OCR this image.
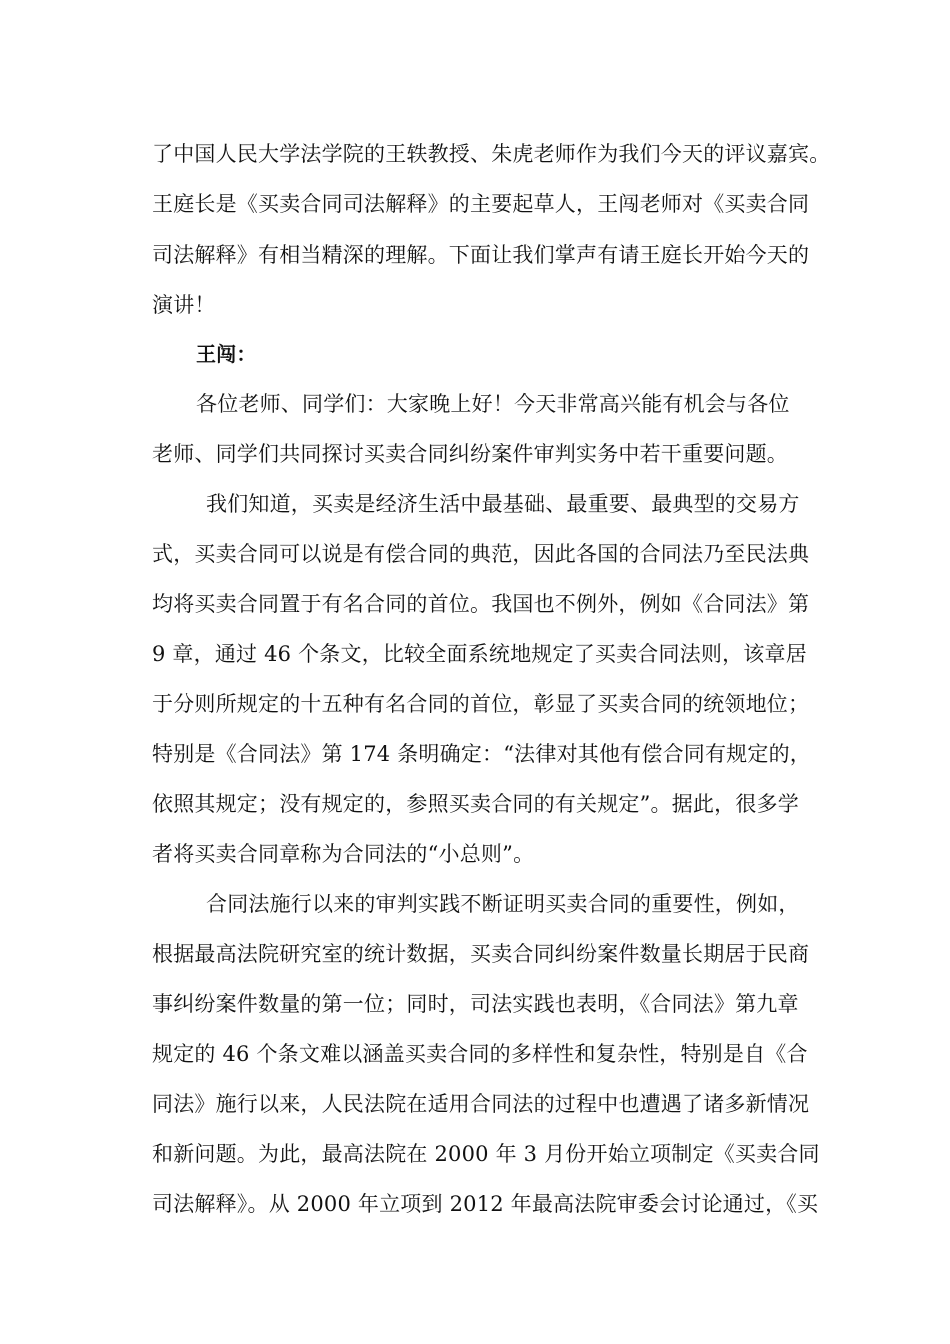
了中国人民大学法学院的王轶教授、朱虎老师作为我们今天的评议嘉宾。
王庭长是《买卖合同司法解释》的主要起草人，王闯老师对《买卖合同
司法解释》有相当精深的理解。下面让我们掌声有请王庭长开始今天的
演讲！
王闯：
各位老师、同学们：大家晚上好！今天非常高兴能有机会与各位
老师、同学们共同探讨买卖合同纠纷案件审判实务中若干重要问题。
我们知道，买卖是经济生活中最基础、最重要、最典型的交易方
式，买卖合同可以说是有偿合同的典范，因此各国的合同法乃至民法典
均将买卖合同置于有名合同的首位。我国也不例外，例如《合同法》第
9 章，通过 46 个条文，比较全面系统地规定了买卖合同法则，该章居
于分则所规定的十五种有名合同的首位，彰显了买卖合同的统领地位；
特别是《合同法》第 174 条明确定：“法律对其他有偿合同有规定的，
依照其规定；没有规定的，参照买卖合同的有关规定”。据此，很多学
者将买卖合同章称为合同法的“小总则”。
合同法施行以来的审判实践不断证明买卖合同的重要性，例如，
根据最高法院研究室的统计数据，买卖合同纠纷案件数量长期居于民商
事纠纷案件数量的第一位；同时，司法实践也表明，《合同法》第九章
规定的 46 个条文难以涵盖买卖合同的多样性和复杂性，特别是自《合
同法》施行以来，人民法院在适用合同法的过程中也遭遇了诸多新情况
和新问题。为此，最高法院在 2000 年 3 月份开始立项制定《买卖合同
司法解释》。从 2000 年立项到 2012 年最高法院审委会讨论通过，《买
